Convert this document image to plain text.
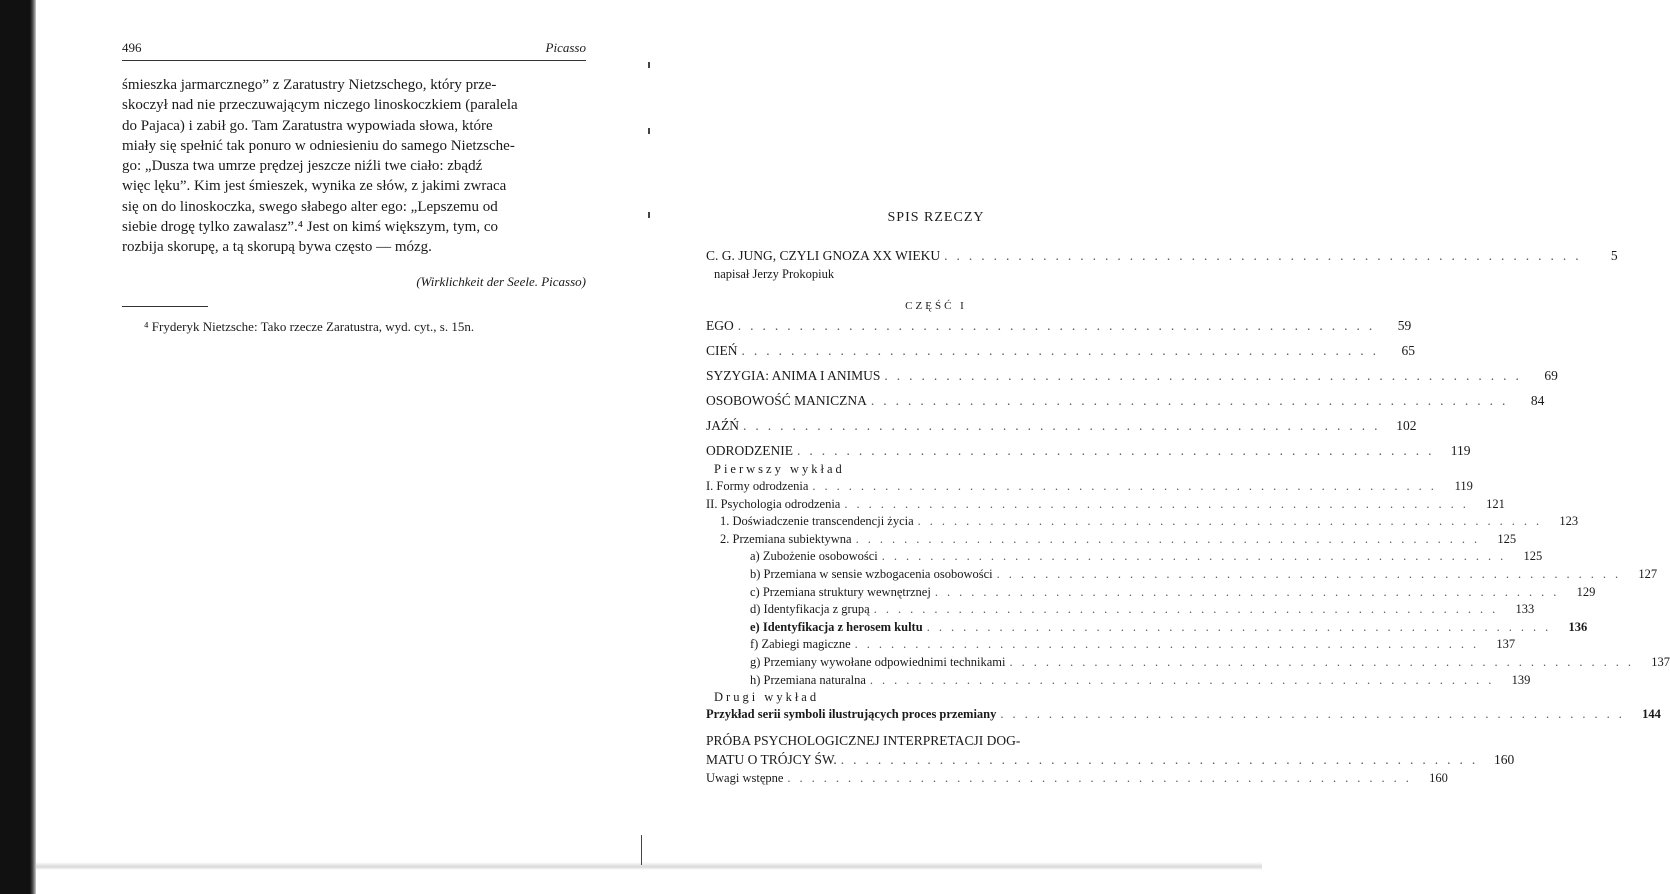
496	Picasso

śmieszka jarmarcznego” z Zaratustry Nietzschego, który prze-

skoczył nad nie przeczuwającym niczego linoskoczkiem (paralela

do Pajaca) i zabił go. Tam Zaratustra wypowiada słowa, które

miały się spełnić tak ponuro w odniesieniu do samego Nietzsche-

go: „Dusza twa umrze prędzej jeszcze niźli twe ciało: zbądź

więc lęku”. Kim jest śmieszek, wynika ze słów, z jakimi zwraca

się on do linoskoczka, swego słabego alter ego: „Lepszemu od

siebie drogę tylko zawalasz”.⁴ Jest on kimś większym, tym, co

rozbija skorupę, a tą skorupą bywa często — mózg.

(Wirklichkeit der Seele. Picasso)
⁴ Fryderyk Nietzsche: Tako rzecze Zaratustra, wyd. cyt., s. 15n.
SPIS RZECZY
C. G. JUNG, CZYLI GNOZA XX WIEKU ....................................................	5
napisał Jerzy Prokopiuk
CZĘŚĆ I
EGO ....................................................	59
CIEŃ ....................................................	65
SYZYGIA: ANIMA I ANIMUS ....................................................	69
OSOBOWOŚĆ MANICZNA ....................................................	84
JAŹŃ .................................................... 102
ODRODZENIE .................................................... 119
Pierwszy wykład
I. Formy odrodzenia .................................................... 119
II. Psychologia odrodzenia .................................................... 121
1. Doświadczenie transcendencji życia .................................................... 123
2. Przemiana subiektywna .................................................... 125
a) Zubożenie osobowości .................................................... 125
b) Przemiana w sensie wzbogacenia osobowości .................................................... 127
c) Przemiana struktury wewnętrznej .................................................... 129
d) Identyfikacja z grupą .................................................... 133
e) Identyfikacja z herosem kultu .................................................... 136
f) Zabiegi magiczne .................................................... 137
g) Przemiany wywołane odpowiednimi technikami .................................................... 137
h) Przemiana naturalna .................................................... 139
Drugi wykład
Przykład serii symboli ilustrujących proces przemiany .................................................... 144
PRÓBA PSYCHOLOGICZNEJ INTERPRETACJI DOG-
MATU O TRÓJCY ŚW. .................................................... 160
Uwagi wstępne .................................................... 160
